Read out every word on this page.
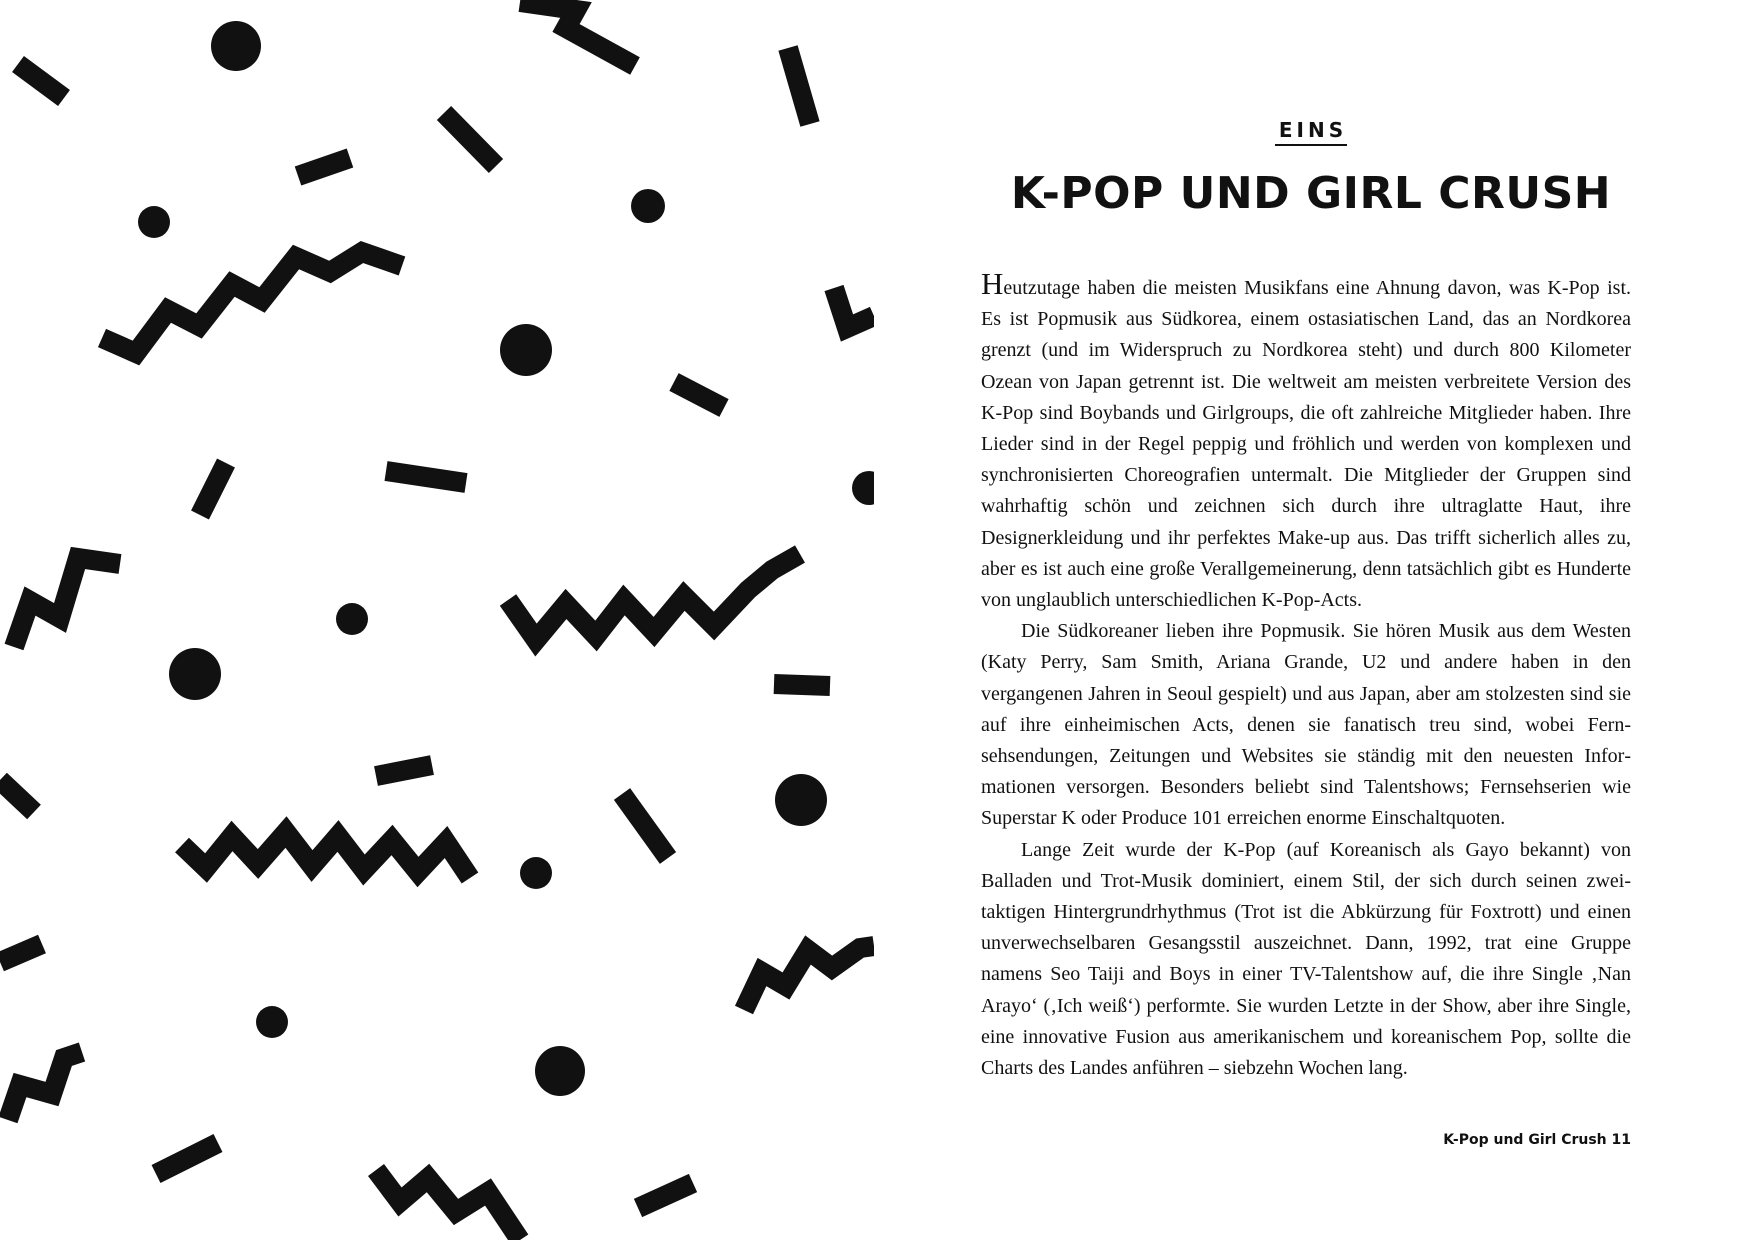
EINS
K-POP UND GIRL CRUSH

Heutzutage haben die meisten Musikfans eine Ahnung davon, was K-Pop ist. Es ist Popmusik aus Südkorea, einem ostasiatischen Land, das an Nordkorea grenzt (und im Widerspruch zu Nordkorea steht) und durch 800 Kilometer Ozean von Japan getrennt ist. Die weltweit am meisten verbreitete Version des K-Pop sind Boybands und Girlgroups, die oft zahlreiche Mitglieder haben. Ihre Lieder sind in der Regel peppig und fröhlich und werden von komplexen und synchronisierten Choreografien untermalt. Die Mitglieder der Gruppen sind wahrhaftig schön und zeichnen sich durch ihre ultraglatte Haut, ihre Designerkleidung und ihr perfektes Make-up aus. Das trifft sicherlich alles zu, aber es ist auch eine große Verallgemeinerung, denn tatsächlich gibt es Hunderte von unglaublich unterschiedlichen K-Pop-Acts.

Die Südkoreaner lieben ihre Popmusik. Sie hören Musik aus dem Westen (Katy Perry, Sam Smith, Ariana Grande, U2 und andere haben in den vergangenen Jahren in Seoul gespielt) und aus Japan, aber am stolzesten sind sie auf ihre einheimischen Acts, denen sie fanatisch treu sind, wobei Fernsehsendungen, Zeitungen und Websites sie ständig mit den neuesten Informationen versorgen. Besonders beliebt sind Talentshows; Fernsehserien wie Superstar K oder Produce 101 erreichen enorme Einschaltquoten.

Lange Zeit wurde der K-Pop (auf Koreanisch als Gayo bekannt) von Balladen und Trot-Musik dominiert, einem Stil, der sich durch seinen zweitaktigen Hintergrundrhythmus (Trot ist die Abkürzung für Foxtrott) und einen unverwechselbaren Gesangsstil auszeichnet. Dann, 1992, trat eine Gruppe namens Seo Taiji and Boys in einer TV-Talentshow auf, die ihre Single ‚Nan Arayo‘ (‚Ich weiß‘) performte. Sie wurden Letzte in der Show, aber ihre Single, eine innovative Fusion aus amerikanischem und koreanischem Pop, sollte die Charts des Landes anführen – siebzehn Wochen lang.

K-Pop und Girl Crush 11
